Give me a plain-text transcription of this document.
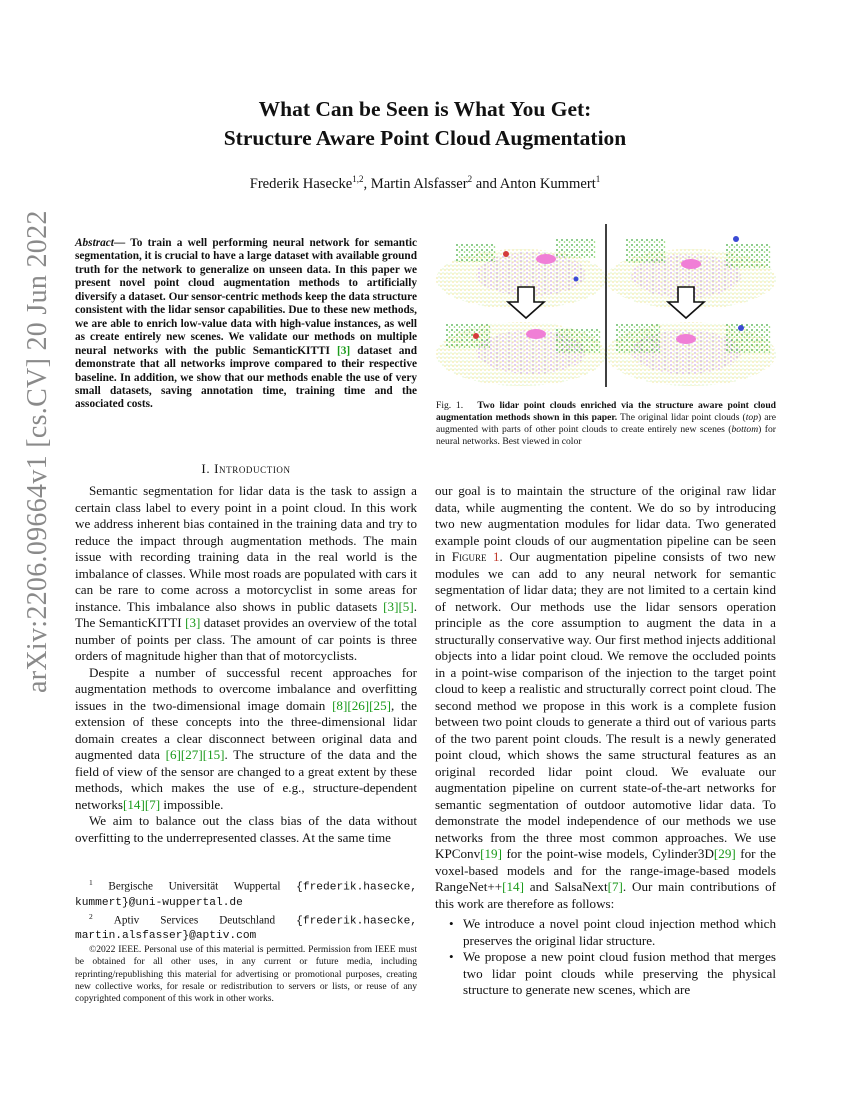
arXiv:2206.09664v1 [cs.CV] 20 Jun 2022
What Can be Seen is What You Get:
Structure Aware Point Cloud Augmentation
Frederik Hasecke$^{1,2}$, Martin Alsfasser$^2$ and Anton Kummert$^1$
Abstract— To train a well performing neural network for semantic segmentation, it is crucial to have a large dataset with available ground truth for the network to generalize on unseen data. In this paper we present novel point cloud augmentation methods to artificially diversify a dataset. Our sensor-centric methods keep the data structure consistent with the lidar sensor capabilities. Due to these new methods, we are able to enrich low-value data with high-value instances, as well as create entirely new scenes. We validate our methods on multiple neural networks with the public SemanticKITTI [3] dataset and demonstrate that all networks improve compared to their respective baseline. In addition, we show that our methods enable the use of very small datasets, saving annotation time, training time and the associated costs.	Fig. 1. Two lidar point clouds enriched via the structure aware point cloud augmentation methods shown in this paper. The original lidar point clouds (top) are augmented with parts of other point clouds to create entirely new scenes (bottom) for neural networks. Best viewed in color
I. Introduction

Semantic segmentation for lidar data is the task to assign a certain class label to every point in a point cloud. In this work we address inherent bias contained in the training data and try to reduce the impact through augmentation methods. The main issue with recording training data in the real world is the imbalance of classes. While most roads are populated with cars it can be rare to come across a motorcyclist in some areas for instance. This imbalance also shows in public datasets [3][5]. The SemanticKITTI [3] dataset provides an overview of the total number of points per class. The amount of car points is three orders of magnitude higher than that of motorcyclists.

Despite a number of successful recent approaches for augmentation methods to overcome imbalance and overfitting issues in the two-dimensional image domain [8][26][25], the extension of these concepts into the three-dimensional lidar domain creates a clear disconnect between original data and augmented data [6][27][15]. The structure of the data and the field of view of the sensor are changed to a great extent by these methods, which makes the use of e.g., structure-dependent networks[14][7] impossible.

We aim to balance out the class bias of the data without overfitting to the underrepresented classes. At the same time

$^1$ Bergische Universität Wuppertal {frederik.hasecke, kummert}@uni-wuppertal.de
$^2$ Aptiv Services Deutschland {frederik.hasecke, martin.alsfasser}@aptiv.com
©2022 IEEE. Personal use of this material is permitted. Permission from IEEE must be obtained for all other uses, in any current or future media, including reprinting/republishing this material for advertising or promotional purposes, creating new collective works, for resale or redistribution to servers or lists, or reuse of any copyrighted component of this work in other works.

our goal is to maintain the structure of the original raw lidar data, while augmenting the content. We do so by introducing two new augmentation modules for lidar data. Two generated example point clouds of our augmentation pipeline can be seen in Figure 1. Our augmentation pipeline consists of two new modules we can add to any neural network for semantic segmentation of lidar data; they are not limited to a certain kind of network. Our methods use the lidar sensors operation principle as the core assumption to augment the data in a structurally conservative way. Our first method injects additional objects into a lidar point cloud. We remove the occluded points in a point-wise comparison of the injection to the target point cloud to keep a realistic and structurally correct point cloud. The second method we propose in this work is a complete fusion between two point clouds to generate a third out of various parts of the two parent point clouds. The result is a newly generated point cloud, which shows the same structural features as an original recorded lidar point cloud. We evaluate our augmentation pipeline on current state-of-the-art networks for semantic segmentation of outdoor automotive lidar data. To demonstrate the model independence of our methods we use networks from the three most common approaches. We use KPConv[19] for the point-wise models, Cylinder3D[29] for the voxel-based models and for the range-image-based models RangeNet++[14] and SalsaNext[7]. Our main contributions of this work are therefore as follows:

• We introduce a novel point cloud injection method which preserves the original lidar structure.
• We propose a new point cloud fusion method that merges two lidar point clouds while preserving the physical structure to generate new scenes, which are
